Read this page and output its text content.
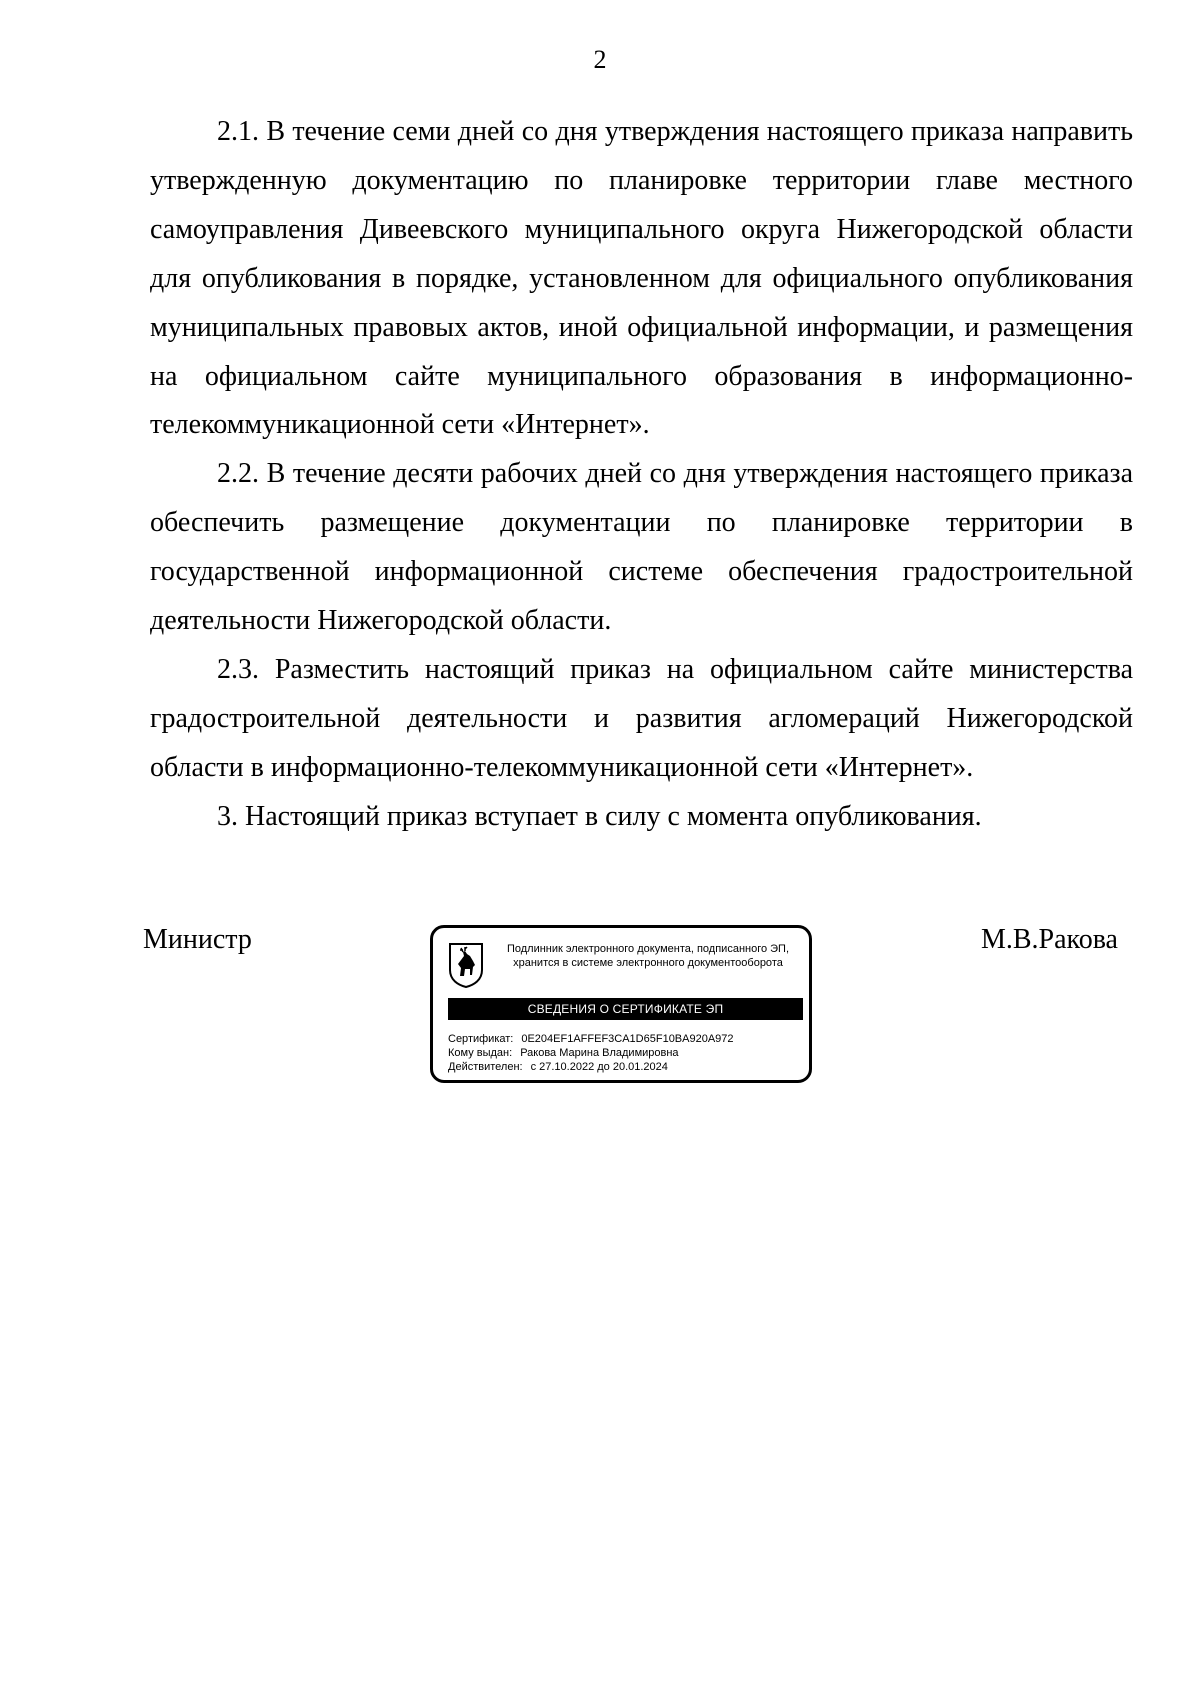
2

2.1. В течение семи дней со дня утверждения настоящего приказа направить утвержденную документацию по планировке территории главе местного самоуправления Дивеевского муниципального округа Нижегородской области для опубликования в порядке, установленном для официального опубликования муниципальных правовых актов, иной официальной информации, и размещения на официальном сайте муниципального образования в информационно-телекоммуникационной сети «Интернет».

2.2. В течение десяти рабочих дней со дня утверждения настоящего приказа обеспечить размещение документации по планировке территории в государственной информационной системе обеспечения градостроительной деятельности Нижегородской области.

2.3. Разместить настоящий приказ на официальном сайте министерства градостроительной деятельности и развития агломераций Нижегородской области в информационно-телекоммуникационной сети «Интернет».

3. Настоящий приказ вступает в силу с момента опубликования.

Министр	М.В.Ракова
Подлинник электронного документа, подписанного ЭП,
хранится в системе электронного документооборота
СВЕДЕНИЯ О СЕРТИФИКАТЕ ЭП
Сертификат: 0E204EF1AFFEF3CA1D65F10BA920A972
Кому выдан: Ракова Марина Владимировна
Действителен: с 27.10.2022 до 20.01.2024
